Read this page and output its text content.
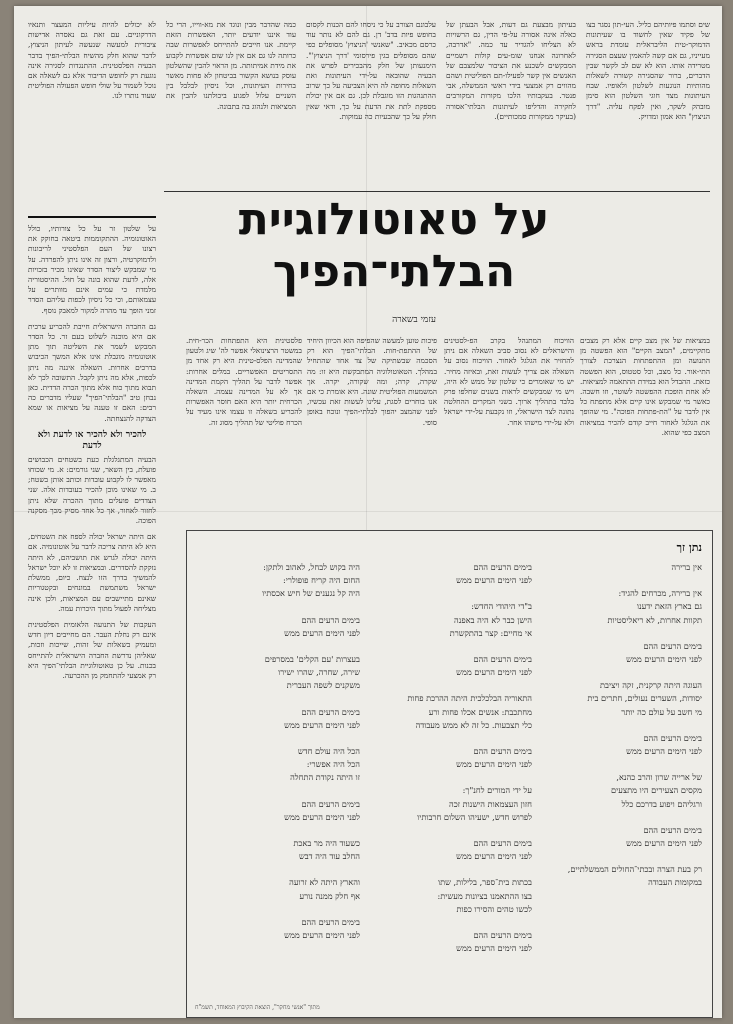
שים וסתמו פיותיהם כליל. העי-תון נסגר בצו של פקיד שאין לחשוד בו שעיתונות הדמוקר-טית הליבראלית עומדת בראש מעייניו, גם אם קשה להאמין שעצם הסגירה מטרידה אותו. הוא לא שם לב לקשר שבין הדברים, ברור שהסגירה קשורה לשאלות מהותיות הנוגעות לשלטון ולאופיו. שבח העיתונות מצד חוגי השלטון הוא סימן מובהק לשקר, ואין לפקח עליה. "דרך הניצוץ" הוא אמון ומדויק.

בעיתון מבצעת גם דעות, אבל הבעתן של כאלה אינה אסורה על-פי הדין, גם הרשויות לא הצליחו להגדיר עד כמה. "אדרבה, לאחרונה אנחנו שומ-עים קולות רשמיים המבקשים לשכנע את הציבור שלמצבם של האנשים אין קשר לפעילו-תם הפוליטית ושהם מהווים רק אמצעי בידי ראשי הממשלה, אבי פנטר. בעקבותיו הלכו מקורות המקורבים לחקירה והדליפו לעיתונות הבלתי־אסורה (בעיקר ממקורות סמכותיים).

עלבונם הצורב על כי ניסחו להם הכנות לקסום בחופש פיות בדב' דן. גם להם לא נותר עוד כרסם מכאיב. "שאנשי 'הניצוץ' מסופלים כפי שהם מסופלים בגין פירסומי 'דרך הניצוץ'". הימנעותן של חלק מהבכירים לפרש את הבעיה שהובאה על-ידי העיתונות ואת השאלות מחופה לה היא הצביעה על כך שרוב ההתנהגות הזו מוגבלת לכן. גם אם אין יכולת מספקת לתת את הדעת על כך, ודאי שאין חולק על כך שהבעיות כה עמוקות.

כמה שהדבר מבין ונוגד את מא-ווייו, הרי כל עוד איננו יודעים יותר, האפשרות הזאת קיימת. אנו חייבים להתייחס לאפשרות שבה כרותה לנו גם אם אין לנו שום אפשרות לקבוע את מידת אמיתותה. מן הראוי להבין שהשלטון עוסק בנושא הקשור בביטחון לא פחות מאשר בחירות העיתונות, וכל ניסיון לבלבל בין השניים עלול לפגוע ביכולתנו להבין את המציאות ולנהוג בה בתבונה.

לא יכולים להיות עיליות המעצר ותנאיו הדרקוניים. עם זאת גם נאסרה אדישות ציבורית למעשה שנעשה לעיתון הניצוץ, לדבר שהוא חלק מהשיח הבלתי-הפיך בדבר הבעיה הפלסטינית. ההתנגדות לסגירה אינה נוגעת רק לחופש הדיבור אלא גם לשאלה אם נוכל לשמור על שולי חופש הפעולה הפוליטית שעוד נותרו לנו.

על טאוטולוגיית
הבלתי־הפיך
עזמי בשארה

במציאות של אין מצב קיים אלא רק מצבים מתקיימים, "המצב הקיים" הוא הפשטה מן התנועה ומן ההתפתחות הנצרכת לצורך התי-אור. כל מצב, וכל סטטוס, הוא הפשטה כזאת. ההבדל הוא במידת ההתאמה למציאות. לא אחת הופכת ההפשטה לשוטר, וזו חשבה. כאשר מי שמבקש אינו קיים אלא מתפתח כל אין לדבר על "הת-פתחות הפוכה". מי שהופך את הגלגל לאחור חייב קודם להכיר במציאות המצב כפי שהוא.

הוויכוח המתנהל בקרב הפ-לסטינים והישראלים לא נסוב סביב השאלה אם ניתן להחזיר את הגלגל לאחור. הוויכוח נסוב על השאלה אם צריך לעשות זאת, ובאיזה מחיר. יש מי שאומרים כי שלטון של ממש לא היה, ויש מי שמבקשים לראות בשנים שחלפו פרק בלבד בתהליך ארוך. בשני המקרים ההחלטה נתונה לצד הישראלי, וזו נקבעת על-ידי ישראל ולא על-ידי מישהו אחר.

פיכות טוען למעשה שהפיפה הוא הכיוון היחיד של ההתפת-חות. הבלתי־הפיך הוא רק הסכמה שבשתיקה של צד אחד שהתחיל במהלך. הטאוטולוגיה המתבקשת היא זו: מה שקרה, קרה; ומה שקורה, יקרה. אך המשמעות הפוליטית שונה. היא אומרת כי אם אנו בוחרים לסגת, עלינו לעשות זאת עכשיו, לפני שהמצב יהפוך לבלתי-הפיך ונוכח באופן סופי.

פלסטינית היא התפתחות הכר-חית. במשטר הרצינואלי אפשר לה' שיג ולטעון שהמדינה הפלס-טינית היא רק אחד מן התסריטים האפשריים. במלים אחרות: אפשר לדבר על תהליך הקמת המדינה אך לא על המדינה עצמה. השאלה הכרחית יותר היא האם חוסר האפשרות להכריע בשאלה זו עצמו אינו מעיד על הכרח פוליטי של תהליך מסוג זה.

על שלטון זר על כל צורותיו, כולל האוטונומיה. ההתקוממות ביטאה בחוקק את רצונו של העם הפלסטיני לריבונות ולדמוקרטיה, ורצון זה אינו ניתן להפרדה. על מי שמבקש ליצור הסדר שאינו מכיר בזכויות אלה, לדעת שהוא בונה על חול. ההיסטוריה מלמדת כי עמים אינם מוותרים על עצמאותם, וכי כל ניסיון לכפות עליהם הסדר זמני הופך עד מהרה למקור למאבק נוסף.

גם החברה הישראלית חייבת להכריע ערכית אם היא מוכנה לשלוט בעם זר. כל הסדר המבקש לשמר את השליטה תוך מתן אוטונומיה מוגבלת אינו אלא המשך הכיבוש בדרכים אחרות. השאלה איננה מה ניתן לכפות, אלא מה ניתן לקבל. התשובה לכך לא תבוא מתוך כוח אלא מתוך הכרה הדדית. כאן נבחן טיב "הבלתי־הפיך" שעליו מדברים כה רבים: האם זו טענה על מציאות או שמא הצדקה להנצחתה.

להכיר ולא להכיר או לדעת ולא לדעת

הבעיה המתגלגלת כעת בשטחים הכבושים פועלת, בין השאר, שני גורמים: א. מי שכוחו מאפשר לו לקבוע עובדות וכותב אותן בשטח; ב. מי שאינו מוכן להכיר בעובדות אלה. שני הצדדים פועלים מתוך ההכרה שלא ניתן לחזור לאחור, אך כל אחד מסיק מכך מסקנה הפוכה.

אם היתה ישראל יכולה לספח את השטחים, היא לא היתה צריכה לדבר על אוטונומיה. אם היתה יכולה לגרש את תושביהם, לא היתה נזקקת להסדרים. ובמציאות זו לא יוכל ישראל להמשיך בדרך הזו לנצח. כיום, ממשלת ישראל משתמשת במונחים ובקטגוריות שאינם מתיישבים עם המציאות, ולכן אינה מצליחה לפעול מתוך היכרות עמה.

העקבות של התנועה הלאומית הפלסטינית אינם רק נחלת העבר. הם מחייבים דיון חדש ומעמיק בשאלות של זהות, שייכות וזכות, שאליהן נדרשת החברה הישראלית להתייחס בכנות. על כן טאוטולוגיית הבלתי־הפיך היא רק אמצעי להתחמק מן ההכרעה.

נתן זך
אין ברירה
אין ברירה, מכרחים להגיד:
גם בארץ הזאת ידענו
תקוות אחרות, לא ריאליסטיות
בימים הרעים ההם
לפני הימים הרעים ממש
העוגה היתה קרקנית, זקה ויציבת
יסודות, השערים נעולים, חתרים בית
מי חשב על עולם כה יותר
בימים הרעים ההם
לפני הימים הרעים ממש
של ארייה שרון והרב כהנא,
מקסים הצעירים היו מתצעים
ורגליהם ויפוע בדרכם כלל
בימים הרעים ההם
לפני הימים הרעים ממש
רק בעת הצרה ובכתי־החולים הממשלתיים,
במקומות העבודה
בימים הרעים ההם
לפני הימים הרעים ממש
ב"די היהודי החדש:
הישן כבר לא היה באפנה
אי מחיים: קצר בהתקשרת
בימים הרעים ההם
לפני הימים הרעים ממש
התאוריה הבלכלכית היתה ההרכת פחות
מחתכבת: אנשים אכלו פחות ורע
כלי תצבעות. כל זה לא ממש מעבודה
בימים הרעים ההם
לפני הימים הרעים ממש
על ידי המורים לחנ"ך:
חזון העצמאות הישנות זכה
לפרוש חדש, ישעיהו השלום חרבותיו
בימים הרעים ההם
לפני הימים הרעים ממש
בכתות בית־ספר, בלילות, שתו
בצו ההתאמנו בציונות מעשית:
לכשו טהים והסירו כפות
בימים הרעים ההם
לפני הימים הרעים ממש
היה בקוש לבחל, לאהוב ולתקן:
החום היה קריח פופולרי:
היה קל נגענים של חיש אכסתיו
בימים הרעים ההם
לפני הימים הרעים ממש
בעצרות 'עם הקלים' במסרפים
שירה, שחרה, שהרו ישירו
משקנים לשפה העברית
בימים הרעים ההם
לפני הימים הרעים ממש
הכל היה עולם חדש
הכל היה אפשרי:
זו היתה נקודת התחלה
בימים הרעים ההם
לפני הימים הרעים ממש
כשעוד היה מר באכת
החלב עוד היה דבש
והארץ היתה לא זרועה
אף חלק ממנה נורע
בימים הרעים ההם
לפני הימים הרעים ממש
מתוך "אנשי מחקר", הוצאת הקיבוץ המאוחד, תשמ"ח
